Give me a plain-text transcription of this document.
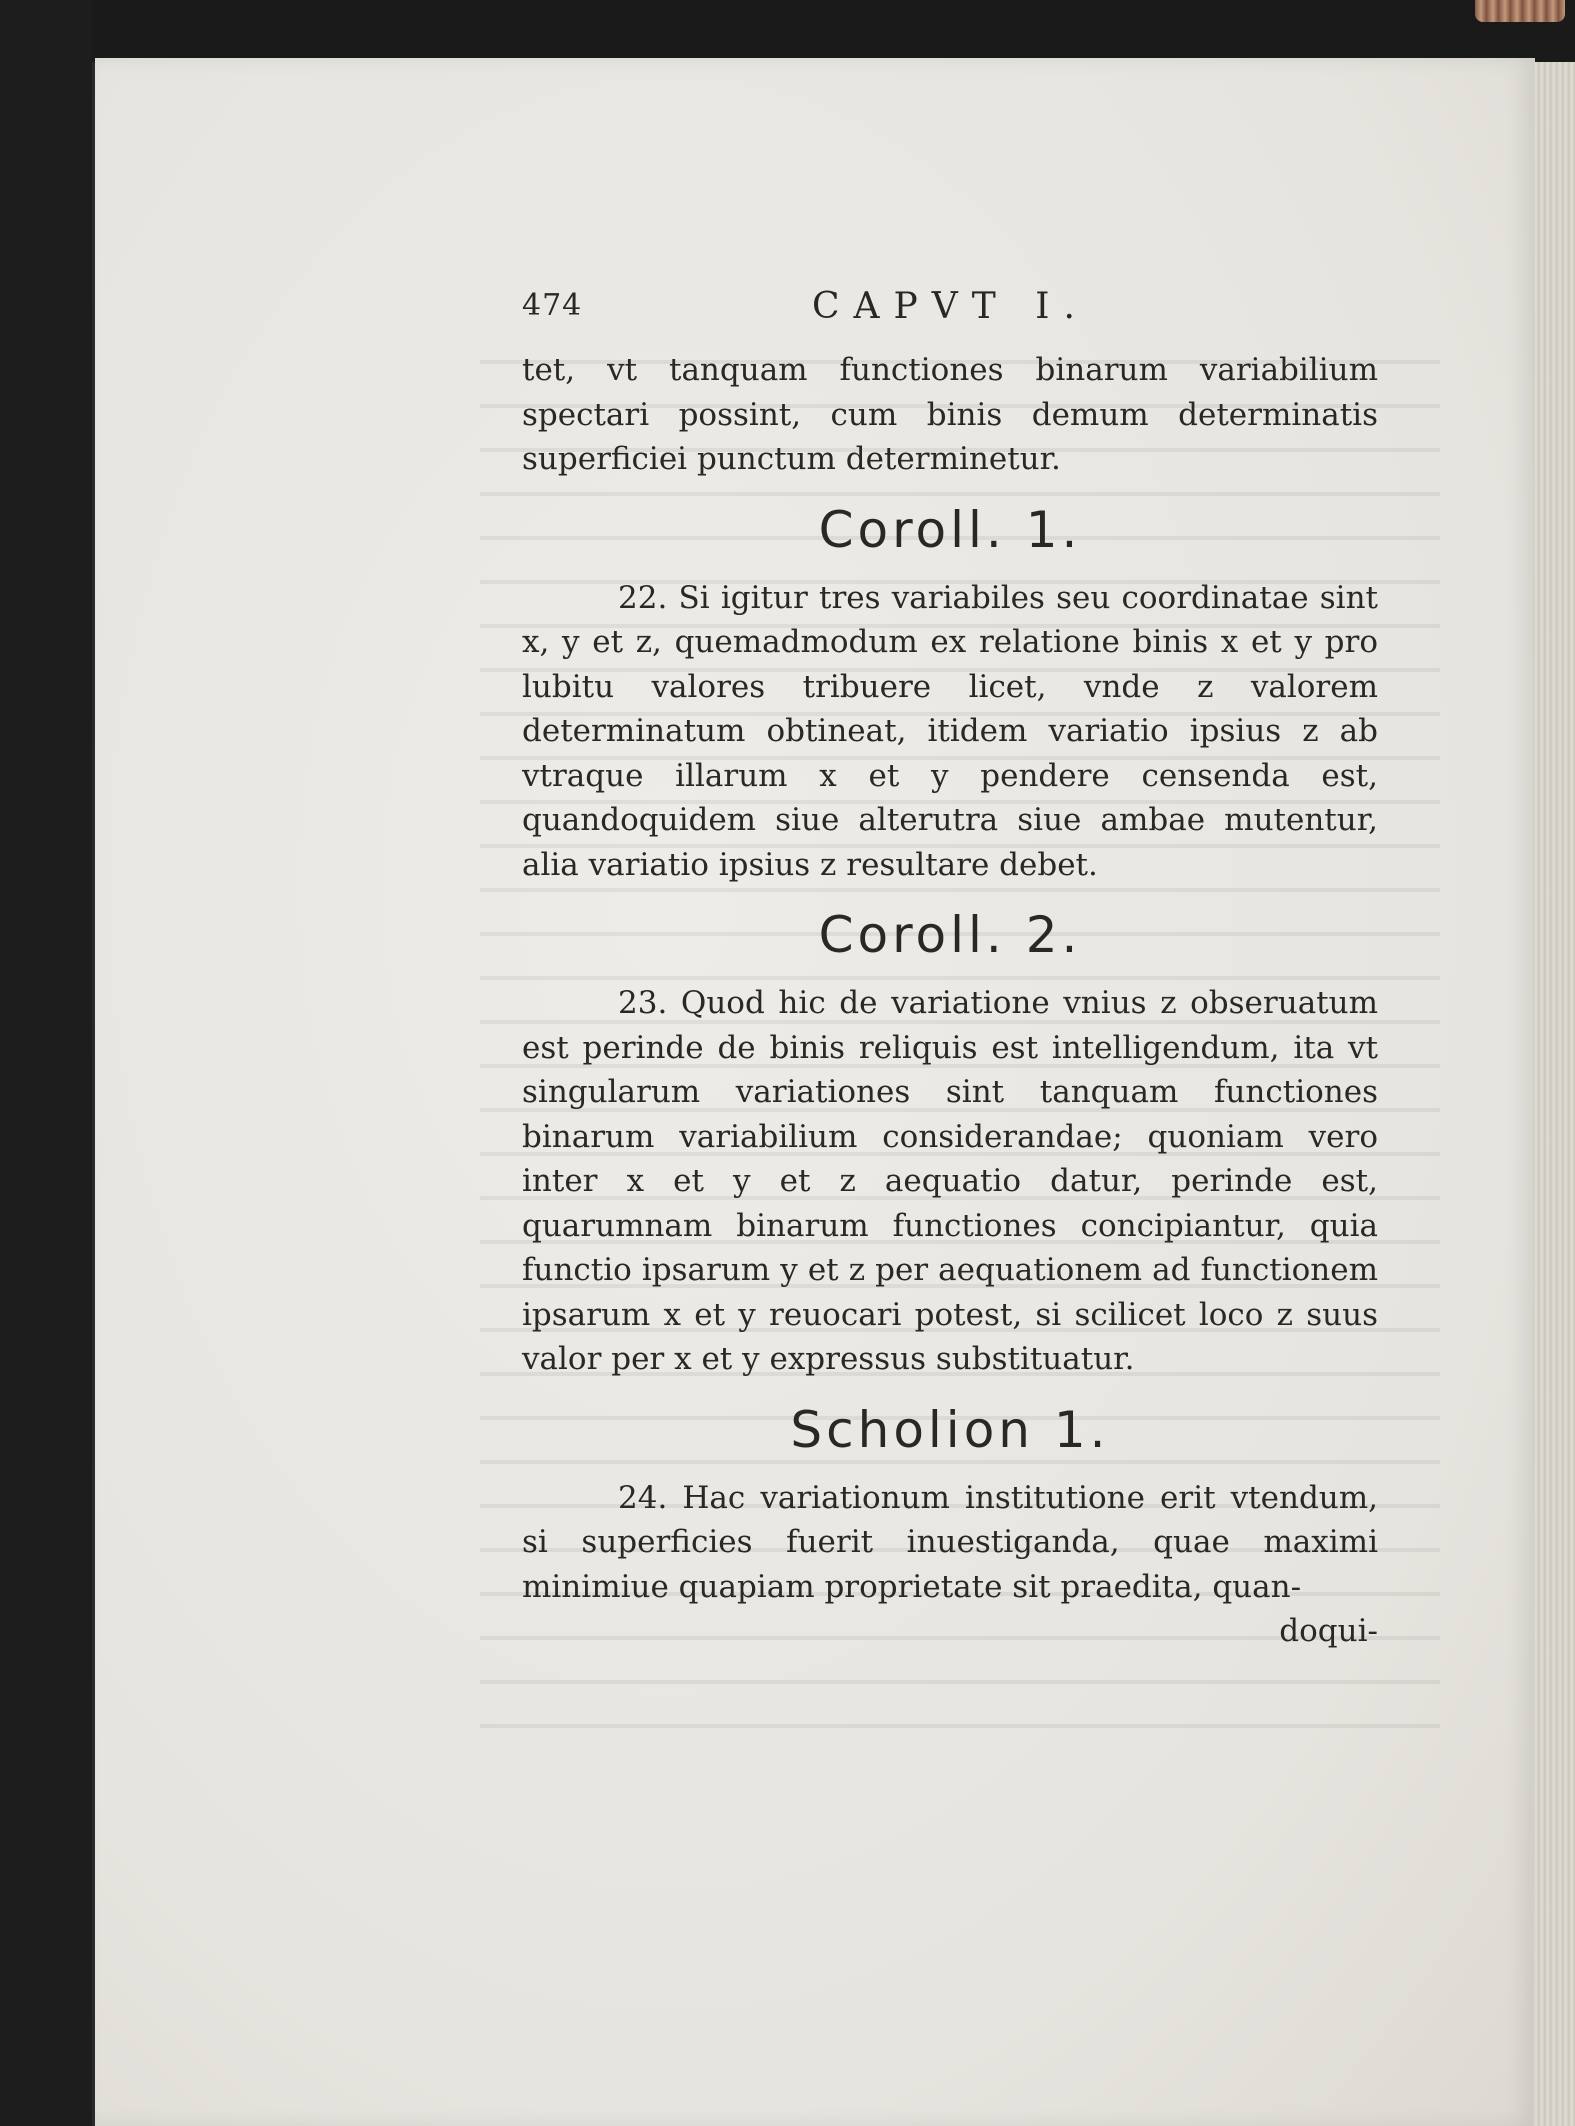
474	CAPVT I.

tet, vt tanquam functiones binarum variabilium spectari possint, cum binis demum determinatis superficiei punctum determinetur.

Coroll. 1.

22. Si igitur tres variabiles seu coordinatae sint x, y et z, quemadmodum ex relatione binis x et y pro lubitu valores tribuere licet, vnde z valorem determinatum obtineat, itidem variatio ipsius z ab vtraque illarum x et y pendere censenda est, quandoquidem siue alterutra siue ambae mutentur, alia variatio ipsius z resultare debet.

Coroll. 2.

23. Quod hic de variatione vnius z obseruatum est perinde de binis reliquis est intelligendum, ita vt singularum variationes sint tanquam functiones binarum variabilium considerandae; quoniam vero inter x et y et z aequatio datur, perinde est, quarumnam binarum functiones concipiantur, quia functio ipsarum y et z per aequationem ad functionem ipsarum x et y reuocari potest, si scilicet loco z suus valor per x et y expressus substituatur.

Scholion 1.

24. Hac variationum institutione erit vtendum, si superficies fuerit inuestiganda, quae maximi minimiue quapiam proprietate sit praedita, quan-

doqui-
